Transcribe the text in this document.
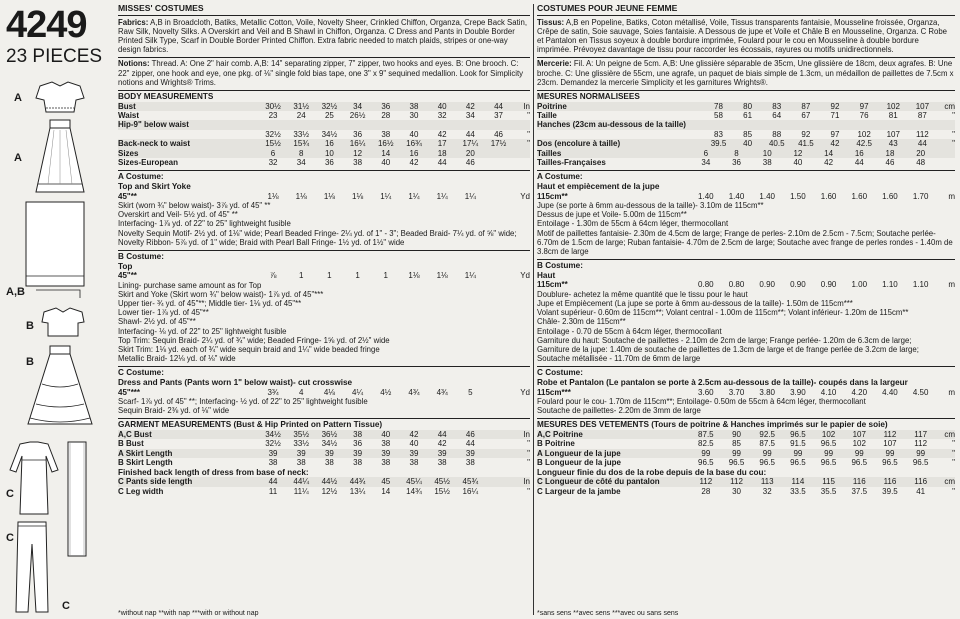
4249
23 PIECES
A
A
A,B
B
B
C
C
C
MISSES' COSTUMES
Fabrics: A,B in Broadcloth, Batiks, Metallic Cotton, Voile, Novelty Sheer, Crinkled Chiffon, Organza, Crepe Back Satin, Raw Silk, Novelty Silks. A Overskirt and Veil and B Shawl in Chiffon, Organza. C Dress and Pants in Double Border Printed Silk Type, Scarf in Double Border Printed Chiffon. Extra fabric needed to match plaids, stripes or one-way design fabrics.
Notions: Thread. A: One 2" hair comb. A,B: 14" separating zipper, 7" zipper, two hooks and eyes. B: One brooch. C: 22" zipper, one hook and eye, one pkg. of ⅛" single fold bias tape, one 3" x 9" sequined medallion. Look for Simplicity notions and Wrights® Trims.
BODY MEASUREMENTS
Bust	30½	31½	32½	34	36	38	40	42	44	In
Waist	23	24	25	26½	28	30	32	34	37	"
Hip-9" below waist										
	32½	33½	34½	36	38	40	42	44	46	"
Back-neck to waist	15½	15¾	16	16¼	16½	16¾	17	17¼	17½	"
Sizes	6	8	10	12	14	16	18	20		
Sizes-European	32	34	36	38	40	42	44	46		
A Costume:
Top and Skirt Yoke
45"**	1⅛	1⅛	1⅛	1⅛	1¼	1¼	1¼	1¼		Yd
Skirt (worn ¾" below waist)- 3⅞ yd. of 45" **
Overskirt and Veil- 5½ yd. of 45" **
Interfacing- 1⅞ yd. of 22" to 25" lightweight fusible
Novelty Sequin Motif- 2½ yd. of 1⅛" wide; Pearl Beaded Fringe- 2¼ yd. of 1" - 3"; Beaded Braid- 7¼ yd. of ⅝" wide; Novelty Ribbon- 5⅞ yd. of 1" wide; Braid with Pearl Ball Fringe- 1½ yd. of 1½" wide
B Costume:
Top
45"**	⅞	1	1	1	1	1⅛	1⅛	1¼		Yd
Lining- purchase same amount as for Top
Skirt and Yoke (Skirt worn ¾" below waist)- 1⅞ yd. of 45"***
Upper tier- ¾ yd. of 45"**; Middle tier- 1⅛ yd. of 45"**
Lower tier- 1⅞ yd. of 45"**
Shawl- 2½ yd. of 45"**
Interfacing- ⅛ yd. of 22" to 25" lightweight fusible
Top Trim: Sequin Braid- 2¼ yd. of ¾" wide; Beaded Fringe- 1⅝ yd. of 2½" wide
Skirt Trim: 1⅛ yd. each of ¾" wide sequin braid and 1¼" wide beaded fringe
Metallic Braid- 12⅛ yd. of ⅛" wide
C Costume:
Dress and Pants (Pants worn 1" below waist)- cut crosswise
45"***	3¾	4	4⅛	4¼	4½	4¾	4¾	5		Yd
Scarf- 1⅞ yd. of 45" **; Interfacing- ½ yd. of 22" to 25" lightweight fusible
Sequin Braid- 2⅜ yd. of ⅛" wide
GARMENT MEASUREMENTS (Bust & Hip Printed on Pattern Tissue)
A,C Bust	34½	35½	36½	38	40	42	44	46		In
B Bust	32½	33½	34½	36	38	40	42	44		"
A Skirt Length	39	39	39	39	39	39	39	39		"
B Skirt Length	38	38	38	38	38	38	38	38		"
Finished back length of dress from base of neck:
C Pants side length	44	44¼	44½	44¾	45	45¼	45½	45¾		In
C Leg width	11	11¼	12½	13¼	14	14¾	15½	16¼		"
*without nap **with nap ***with or without nap
COSTUMES POUR JEUNE FEMME
Tissus: A,B en Popeline, Batiks, Coton métallisé, Voile, Tissus transparents fantaisie, Mousseline froissée, Organza, Crêpe de satin, Soie sauvage, Soies fantaisie. A Dessous de jupe et Voile et Châle B en Mousseline, Organza. C Robe et Pantalon en Tissus soyeux à double bordure imprimée, Foulard pour le cou en Mousseline à double bordure imprimée. Prévoyez davantage de tissu pour raccorder les écossais, rayures ou motifs unidirectionnels.
Mercerie: Fil. A: Un peigne de 5cm. A,B: Une glissière séparable de 35cm, Une glissière de 18cm, deux agrafes. B: Une broche. C: Une glissière de 55cm, une agrafe, un paquet de biais simple de 1.3cm, un médaillon de paillettes de 7.5cm x 23cm. Demandez la mercerie Simplicity et les garnitures Wrights®.
MESURES NORMALISEES
Poitrine	78	80	83	87	92	97	102	107	cm
Taille	58	61	64	67	71	76	81	87	"
Hanches (23cm au-dessous de la taille)									
	83	85	88	92	97	102	107	112	"
Dos (encolure à taille)	39.5	40	40.5	41.5	42	42.5	43	44	"
Tailles	6	8	10	12	14	16	18	20	
Tailles-Françaises	34	36	38	40	42	44	46	48	
A Costume:
Haut et empiècement de la jupe
115cm**	1.40	1.40	1.40	1.50	1.60	1.60	1.60	1.70	m
Jupe (se porte à 6mm au-dessous de la taille)- 3.10m de 115cm**
Dessus de jupe et Voile- 5.00m de 115cm**
Entoilage - 1.30m de 55cm à 64cm léger, thermocollant
Motif de paillettes fantaisie- 2.30m de 4.5cm de large; Frange de perles- 2.10m de 2.5cm - 7.5cm; Soutache perlée- 6.70m de 1.5cm de large; Ruban fantaisie- 4.70m de 2.5cm de large; Soutache avec frange de perles rondes - 1.40m de 3.8cm de large
B Costume:
Haut
115cm**	0.80	0.80	0.90	0.90	0.90	1.00	1.10	1.10	m
Doublure- achetez la même quantité que le tissu pour le haut
Jupe et Empiècement (La jupe se porte à 6mm au-dessous de la taille)- 1.50m de 115cm***
Volant supérieur- 0.60m de 115cm**; Volant central - 1.00m de 115cm**; Volant inférieur- 1.20m de 115cm**
Châle- 2.30m de 115cm**
Entoilage - 0.70 de 55cm à 64cm léger, thermocollant
Garniture du haut: Soutache de paillettes - 2.10m de 2cm de large; Frange perlée- 1.20m de 6.3cm de large;
Garniture de la jupe: 1.40m de soutache de paillettes de 1.3cm de large et de frange perlée de 3.2cm de large;
Soutache métallisée - 11.70m de 6mm de large
C Costume:
Robe et Pantalon (Le pantalon se porte à 2.5cm au-dessous de la taille)- coupés dans la largeur
115cm***	3.60	3.70	3.80	3.90	4.10	4.20	4.40	4.50	m
Foulard pour le cou- 1.70m de 115cm**; Entoilage- 0.50m de 55cm à 64cm léger, thermocollant
Soutache de paillettes- 2.20m de 3mm de large
MESURES DES VETEMENTS (Tours de poitrine & Hanches imprimés sur le papier de soie)
A,C Poitrine	87.5	90	92.5	96.5	102	107	112	117	cm
B Poitrine	82.5	85	87.5	91.5	96.5	102	107	112	"
A Longueur de la jupe	99	99	99	99	99	99	99	99	"
B Longueur de la jupe	96.5	96.5	96.5	96.5	96.5	96.5	96.5	96.5	"
Longueur finie du dos de la robe depuis de la base du cou:
C Longueur de côté du pantalon	112	112	113	114	115	116	116	116	cm
C Largeur de la jambe	28	30	32	33.5	35.5	37.5	39.5	41	"
*sans sens **avec sens ***avec ou sans sens
